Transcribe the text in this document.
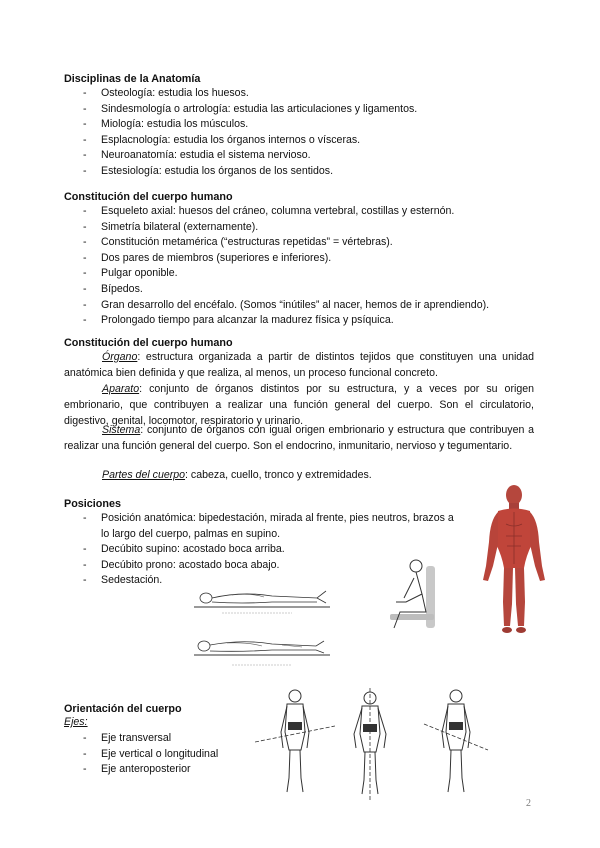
Disciplinas de la Anatomía
- Osteología: estudia los huesos.
- Sindesmología o artrología: estudia las articulaciones y ligamentos.
- Miología: estudia los músculos.
- Esplacnología: estudia los órganos internos o vísceras.
- Neuroanatomía: estudia el sistema nervioso.
- Estesiología: estudia los órganos de los sentidos.
Constitución del cuerpo humano
- Esqueleto axial: huesos del cráneo, columna vertebral, costillas y esternón.
- Simetría bilateral (externamente).
- Constitución metamérica (“estructuras repetidas” = vértebras).
- Dos pares de miembros (superiores e inferiores).
- Pulgar oponible.
- Bípedos.
- Gran desarrollo del encéfalo. (Somos “inútiles” al nacer, hemos de ir aprendiendo).
- Prolongado tiempo para alcanzar la madurez física y psíquica.
Constitución del cuerpo humano
Órgano: estructura organizada a partir de distintos tejidos que constituyen una unidad anatómica bien definida y que realiza, al menos, un proceso funcional concreto.
Aparato: conjunto de órganos distintos por su estructura, y a veces por su origen embrionario, que contribuyen a realizar una función general del cuerpo. Son el circulatorio, digestivo, genital, locomotor, respiratorio y urinario.
Sistema: conjunto de órganos con igual origen embrionario y estructura que contribuyen a realizar una función general del cuerpo. Son el endocrino, inmunitario, nervioso y tegumentario.
Partes del cuerpo: cabeza, cuello, tronco y extremidades.
Posiciones
- Posición anatómica: bipedestación, mirada al frente, pies neutros, brazos a lo largo del cuerpo, palmas en supino.
- Decúbito supino: acostado boca arriba.
- Decúbito prono: acostado boca abajo.
- Sedestación.
Orientación del cuerpo
Ejes:
- Eje transversal
- Eje vertical o longitudinal
- Eje anteroposterior
2
